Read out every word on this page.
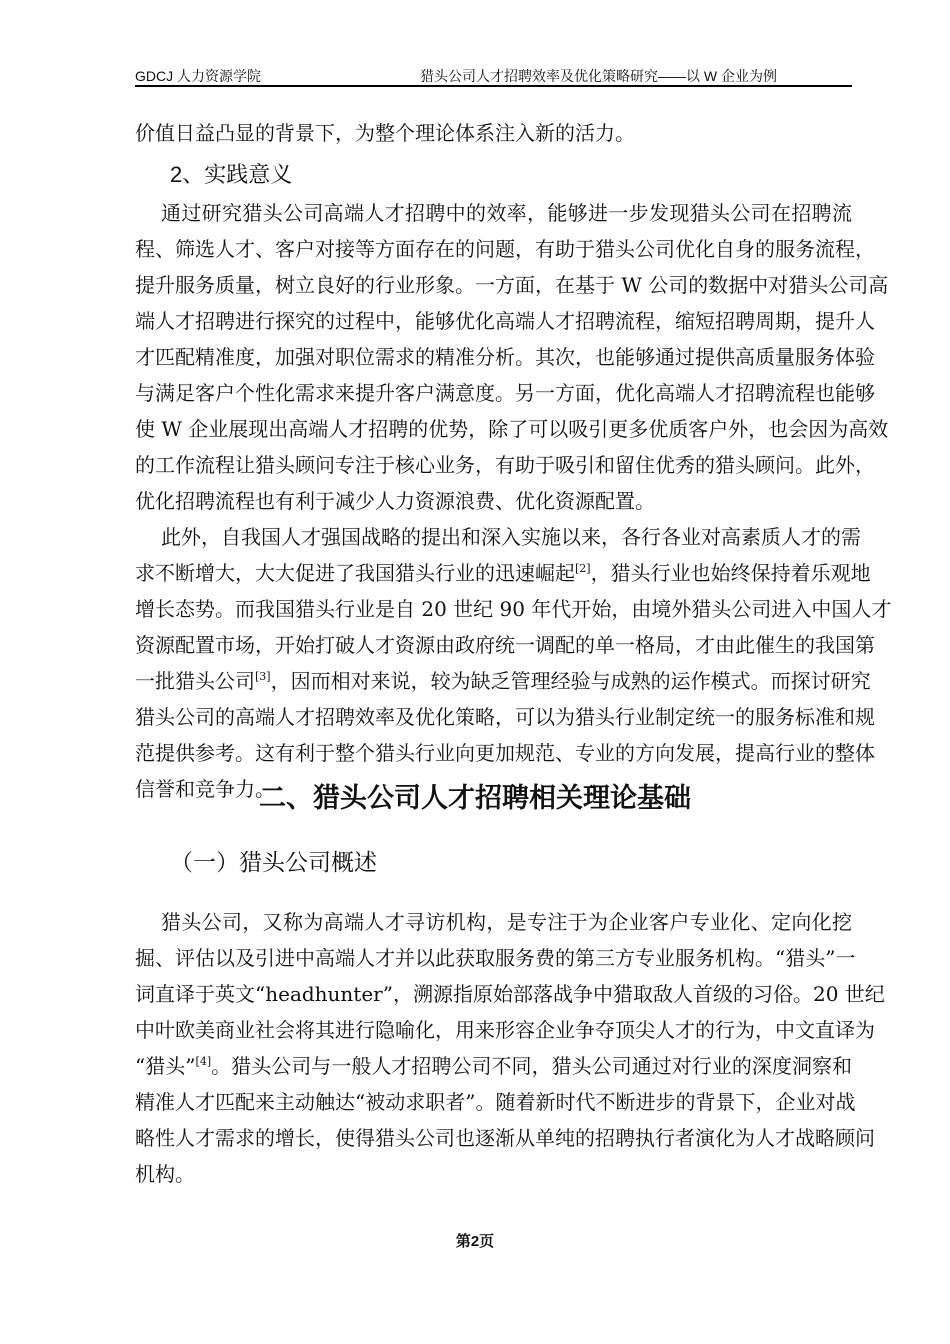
GDCJ 人力资源学院	猎头公司人才招聘效率及优化策略研究——以 W 企业为例
价值日益凸显的背景下，为整个理论体系注入新的活力。
2、实践意义
通过研究猎头公司高端人才招聘中的效率，能够进一步发现猎头公司在招聘流
程、筛选人才、客户对接等方面存在的问题，有助于猎头公司优化自身的服务流程，
提升服务质量，树立良好的行业形象。一方面，在基于 W 公司的数据中对猎头公司高
端人才招聘进行探究的过程中，能够优化高端人才招聘流程，缩短招聘周期，提升人
才匹配精准度，加强对职位需求的精准分析。其次，也能够通过提供高质量服务体验
与满足客户个性化需求来提升客户满意度。另一方面，优化高端人才招聘流程也能够
使 W 企业展现出高端人才招聘的优势，除了可以吸引更多优质客户外，也会因为高效
的工作流程让猎头顾问专注于核心业务，有助于吸引和留住优秀的猎头顾问。此外，
优化招聘流程也有利于减少人力资源浪费、优化资源配置。
此外，自我国人才强国战略的提出和深入实施以来，各行各业对高素质人才的需
求不断增大，大大促进了我国猎头行业的迅速崛起[2]，猎头行业也始终保持着乐观地
增长态势。而我国猎头行业是自 20 世纪 90 年代开始，由境外猎头公司进入中国人才
资源配置市场，开始打破人才资源由政府统一调配的单一格局，才由此催生的我国第
一批猎头公司[3]，因而相对来说，较为缺乏管理经验与成熟的运作模式。而探讨研究
猎头公司的高端人才招聘效率及优化策略，可以为猎头行业制定统一的服务标准和规
范提供参考。这有利于整个猎头行业向更加规范、专业的方向发展，提高行业的整体
信誉和竞争力。
二、猎头公司人才招聘相关理论基础
（一）猎头公司概述
猎头公司，又称为高端人才寻访机构，是专注于为企业客户专业化、定向化挖
掘、评估以及引进中高端人才并以此获取服务费的第三方专业服务机构。“猎头”一
词直译于英文“headhunter”，溯源指原始部落战争中猎取敌人首级的习俗。20 世纪
中叶欧美商业社会将其进行隐喻化，用来形容企业争夺顶尖人才的行为，中文直译为
“猎头”[4]。猎头公司与一般人才招聘公司不同，猎头公司通过对行业的深度洞察和
精准人才匹配来主动触达“被动求职者”。随着新时代不断进步的背景下，企业对战
略性人才需求的增长，使得猎头公司也逐渐从单纯的招聘执行者演化为人才战略顾问
机构。
第2页
